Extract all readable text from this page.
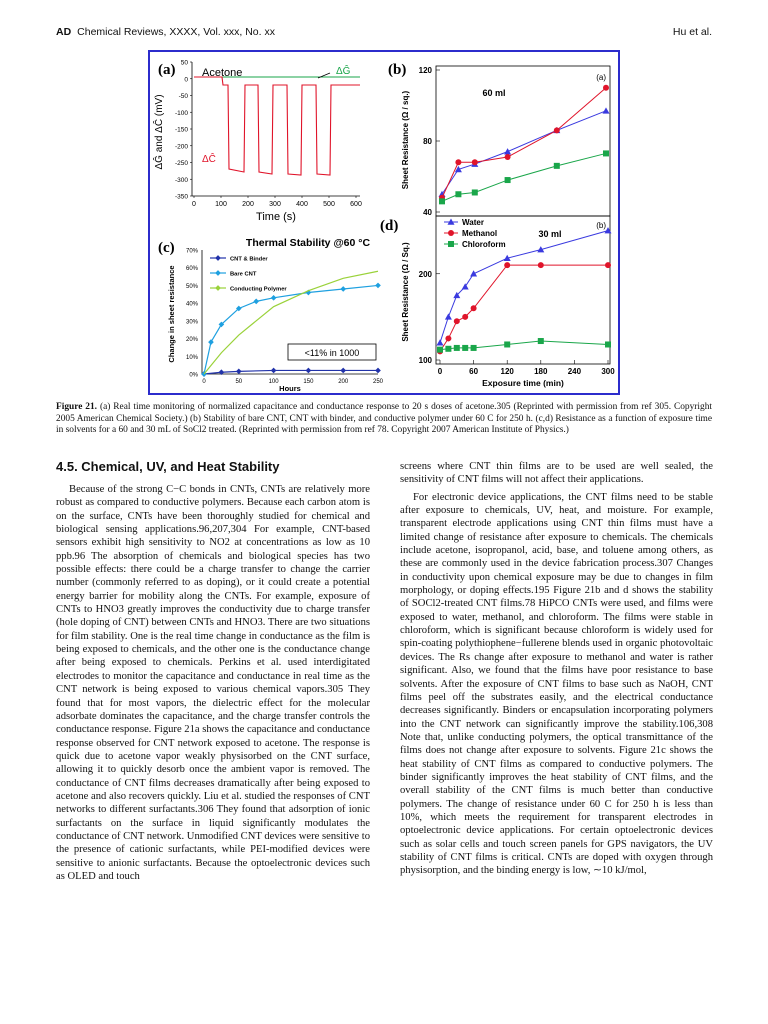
AD Chemical Reviews, XXXX, Vol. xxx, No. xx	Hu et al.
(a) Acetone	ΔĜ
ΔĈ
50
0
-50
-100
-150
-200
-250
-300
-350
0	100 200 300 400 500 600
ΔĜ and ΔĈ (mV)
Time (s)
(c)	Thermal Stability @60 °C
70%
60%
50%
40%
30%
20%
10%
0%
0	50	100	150	200	250
CNT & Binder
Bare CNT
Conducting Polymer
<11% in 1000
Change in sheet resistance
Hours
(b)
60 ml
(a)
120
80
40
Sheet Resistance (Ω / sq.)
(d)	30 ml
(b)
Water
Methanol
Chloroform
200
100
0	60	120	180	240	300
Sheet Resistance (Ω / Sq.)
Exposure time (min)
Figure 21. (a) Real time monitoring of normalized capacitance and conductance response to 20 s doses of acetone.305 (Reprinted with permission from ref 305. Copyright 2005 American Chemical Society.) (b) Stability of bare CNT, CNT with binder, and conductive polymer under 60 C for 250 h. (c,d) Resistance as a function of exposure time in solvents for a 60 and 30 mL of SoCl2 treated. (Reprinted with permission from ref 78. Copyright 2007 American Institute of Physics.)
4.5. Chemical, UV, and Heat Stability

Because of the strong C−C bonds in CNTs, CNTs are relatively more robust as compared to conductive polymers. Because each carbon atom is on the surface, CNTs have been thoroughly studied for chemical and biological sensing applications.96,207,304 For example, CNT-based sensors exhibit high sensitivity to NO2 at concentrations as low as 10 ppb.96 The absorption of chemicals and biological species has two possible effects: there could be a charge transfer to change the carrier number (commonly referred to as doping), or it could create a potential energy barrier for mobility along the CNTs. For example, exposure of CNTs to HNO3 greatly improves the conductivity due to charge transfer (hole doping of CNT) between CNTs and HNO3. There are two situations for film stability. One is the real time change in conductance as the film is being exposed to chemicals, and the other one is the conductance change after being exposed to chemicals. Perkins et al. used interdigitated electrodes to monitor the capacitance and conductance in real time as the CNT network is being exposed to various chemical vapors.305 They found that for most vapors, the dielectric effect for the molecular adsorbate dominates the capacitance, and the charge transfer controls the conductance response. Figure 21a shows the capacitance and conductance response observed for CNT network exposed to acetone. The response is quick due to acetone vapor weakly physisorbed on the CNT surface, allowing it to quickly desorb once the ambient vapor is removed. The conductance of CNT films decreases dramatically after being exposed to acetone and also recovers quickly. Liu et al. studied the responses of CNT networks to different surfactants.306 They found that adsorption of ionic surfactants on the surface in liquid significantly modulates the conductance of CNT network. Unmodified CNT devices were sensitive to the presence of cationic surfactants, while PEI-modified devices were sensitive to anionic surfactants. Because the optoelectronic devices such as OLED and touch

screens where CNT thin films are to be used are well sealed, the sensitivity of CNT films will not affect their applications.

For electronic device applications, the CNT films need to be stable after exposure to chemicals, UV, heat, and moisture. For example, transparent electrode applications using CNT thin films must have a limited change of resistance after exposure to chemicals. The chemicals include acetone, isopropanol, acid, base, and toluene among others, as these are commonly used in the device fabrication process.307 Changes in conductivity upon chemical exposure may be due to changes in film morphology, or doping effects.195 Figure 21b and d shows the stability of SOCl2-treated CNT films.78 HiPCO CNTs were used, and films were exposed to water, methanol, and chloroform. The films were stable in chloroform, which is significant because chloroform is widely used for spin-coating polythiophene−fullerene blends used in organic photovoltaic devices. The Rs change after exposure to methanol and water is rather significant. Also, we found that the films have poor resistance to base solvents. After the exposure of CNT films to base such as NaOH, CNT films peel off the substrates easily, and the electrical conductance decreases significantly. Binders or encapsulation incorporating polymers into the CNT network can significantly improve the stability.106,308 Note that, unlike conducting polymers, the optical transmittance of the films does not change after exposure to solvents. Figure 21c shows the heat stability of CNT films as compared to conductive polymers. The binder significantly improves the heat stability of CNT films, and the overall stability of the CNT films is much better than conductive polymers. The change of resistance under 60 C for 250 h is less than 10%, which meets the requirement for transparent electrodes in optoelectronic device applications. For certain optoelectronic devices such as solar cells and touch screen panels for GPS navigators, the UV stability of CNT films is critical. CNTs are doped with oxygen through physisorption, and the binding energy is low, ∼10 kJ/mol,
